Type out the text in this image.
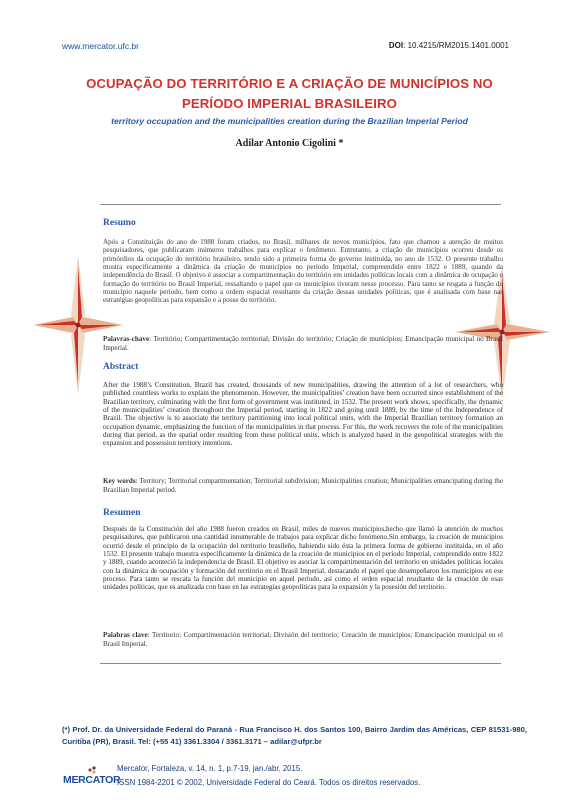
www.mercator.ufc.br	DOI: 10.4215/RM2015.1401.0001
OCUPAÇÃO DO TERRITÓRIO E A CRIAÇÃO DE MUNICÍPIOS NO
PERÍODO IMPERIAL BRASILEIRO
territory occupation and the municipalities creation during the Brazilian Imperial Period
Adilar Antonio Cigolini *
Resumo
Após a Constituição do ano de 1988 foram criados, no Brasil, milhares de novos municípios, fato que chamou a atenção de muitos pesquisadores, que publicaram inúmeros trabalhos para explicar o fenômeno. Entretanto, a criação de municípios ocorreu desde os primórdios da ocupação do território brasileiro, tendo sido a primeira forma de governo instituída, no ano de 1532. O presente trabalho mostra especificamente a dinâmica da criação de municípios no período Imperial, compreendido entre 1822 e 1889, quando da independência do Brasil. O objetivo é associar a compartimentação do território em unidades políticas locais com a dinâmica de ocupação e formação do território no Brasil Imperial, ressaltando o papel que os municípios tiveram nesse processo. Para tanto se resgata a função do município naquele período, bem como a ordem espacial resultante da criação dessas unidades políticas, que é analisada com base nas estratégias geopolíticas para expansão e a posse do território.
Palavras-chave: Território; Compartimentação territorial; Divisão do território; Criação de municípios; Emancipação municipal no Brasil Imperial.
Abstract
After the 1988’s Constitution, Brazil has created, thousands of new municipalities, drawing the attention of a lot of researchers, who published countless works to explain the phenomenon. However, the municipalities’ creation have been occurred since establishment of the Brazilian territory, culminating with the first form of government was instituted, in 1532. The present work shows, specifically, the dynamic of the municipalities’ creation throughout the Imperial period, starting in 1822 and going until 1889, by the time of the Independence of Brazil. The objective is to associate the territory partitioning into local political units, with the Imperial Brazilian territory formation an occupation dynamic, emphasizing the function of the municipalities in that process. For this, the work recovers the role of the municipalities during that period, as the spatial order resulting from these political units, which is analyzed based in the geopolitical strategies with the expansion and possession territory intentions.
Key words: Territory; Territorial compartmentation; Territorial subdivision; Municipalities creation; Municipalities emancipating during the Brazilian Imperial period.
Resumen
Después de la Constitución del año 1988 fueron creados en Brasil, miles de nuevos municipios,hecho que llamó la atención de muchos pesquisadores, que publicaron una cantidad innumerable de trabajos para explicar dicho fenómeno.Sin embargo, la creación de municipios ocurrió desde el principio de la ocupación del territorio brasileño, habiendo sido ésta la primera forma de gobierno instituida, en el año 1532. El presente trabajo muestra específicamente la dinámica de la creación de municipios en el período Imperial, comprendido entre 1822 y 1889, cuando aconteció la independencia de Brasil. El objetivo es asociar la compartimentación del territorio en unidades políticas locales con la dinámica de ocupación y formación del territorio en el Brasil Imperial, destacando el papel que desempeñaron los municipios en ese proceso. Para tanto se rescata la función del municipio en aquel período, así como el orden espacial resultante de la creación de esas unidades políticas, que es analizada con base en las estrategias geopolíticas para la expansión y la posesión del territorio.
Palabras clave: Territorio; Compartimentación territorial; División del territorio; Creación de municipios; Emancipación municipal en el Brasil Imperial.
(*) Prof. Dr. da Universidade Federal do Paraná - Rua Francisco H. dos Santos 100, Bairro Jardim das Américas, CEP 81531-980, Curitiba (PR), Brasil. Tel: (+55 41) 3361.3304 / 3361.3171 – adilar@ufpr.br
MERCATOR
Mercator, Fortaleza, v. 14, n. 1, p.7-19, jan./abr. 2015.
ISSN 1984-2201 © 2002, Universidade Federal do Ceará. Todos os direitos reservados.
